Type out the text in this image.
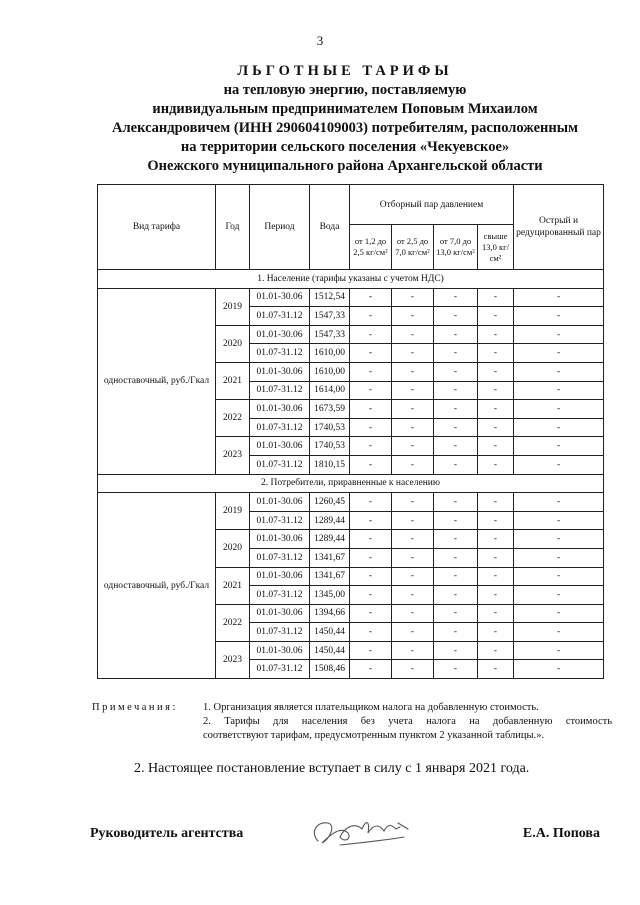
3
ЛЬГОТНЫЕ ТАРИФЫ
на тепловую энергию, поставляемую
индивидуальным предпринимателем Поповым Михаилом
Александровичем (ИНН 290604109003) потребителям, расположенным
на территории сельского поселения «Чекуевское»
Онежского муниципального района Архангельской области
Вид тарифа	Год	Период	Вода	Отборный пар давлением				Острый и редуцированный пар
				от 1,2 до 2,5 кг/см²	от 2,5 до 7,0 кг/см²	от 7,0 до 13,0 кг/см²	свыше 13,0 кг/см²	
1. Население (тарифы указаны с учетом НДС)								
одноставочный, руб./Гкал	2019	01.01-30.06	1512,54	-	-	-	-	-
		01.07-31.12	1547,33	-	-	-	-	-
	2020	01.01-30.06	1547,33	-	-	-	-	-
		01.07-31.12	1610,00	-	-	-	-	-
	2021	01.01-30.06	1610,00	-	-	-	-	-
		01.07-31.12	1614,00	-	-	-	-	-
	2022	01.01-30.06	1673,59	-	-	-	-	-
		01.07-31.12	1740,53	-	-	-	-	-
	2023	01.01-30.06	1740,53	-	-	-	-	-
		01.07-31.12	1810,15	-	-	-	-	-
2. Потребители, приравненные к населению								
одноставочный, руб./Гкал	2019	01.01-30.06	1260,45	-	-	-	-	-
		01.07-31.12	1289,44	-	-	-	-	-
	2020	01.01-30.06	1289,44	-	-	-	-	-
		01.07-31.12	1341,67	-	-	-	-	-
	2021	01.01-30.06	1341,67	-	-	-	-	-
		01.07-31.12	1345,00	-	-	-	-	-
	2022	01.01-30.06	1394,66	-	-	-	-	-
		01.07-31.12	1450,44	-	-	-	-	-
	2023	01.01-30.06	1450,44	-	-	-	-	-
		01.07-31.12	1508,46	-	-	-	-	-
Примечания: 1. Организация является плательщиком налога на добавленную стоимость.
2. Тарифы для населения без учета налога на добавленную стоимость
соответствуют тарифам, предусмотренным пунктом 2 указанной таблицы.».
2. Настоящее постановление вступает в силу с 1 января 2021 года.
Руководитель агентства	Е.А. Попова
